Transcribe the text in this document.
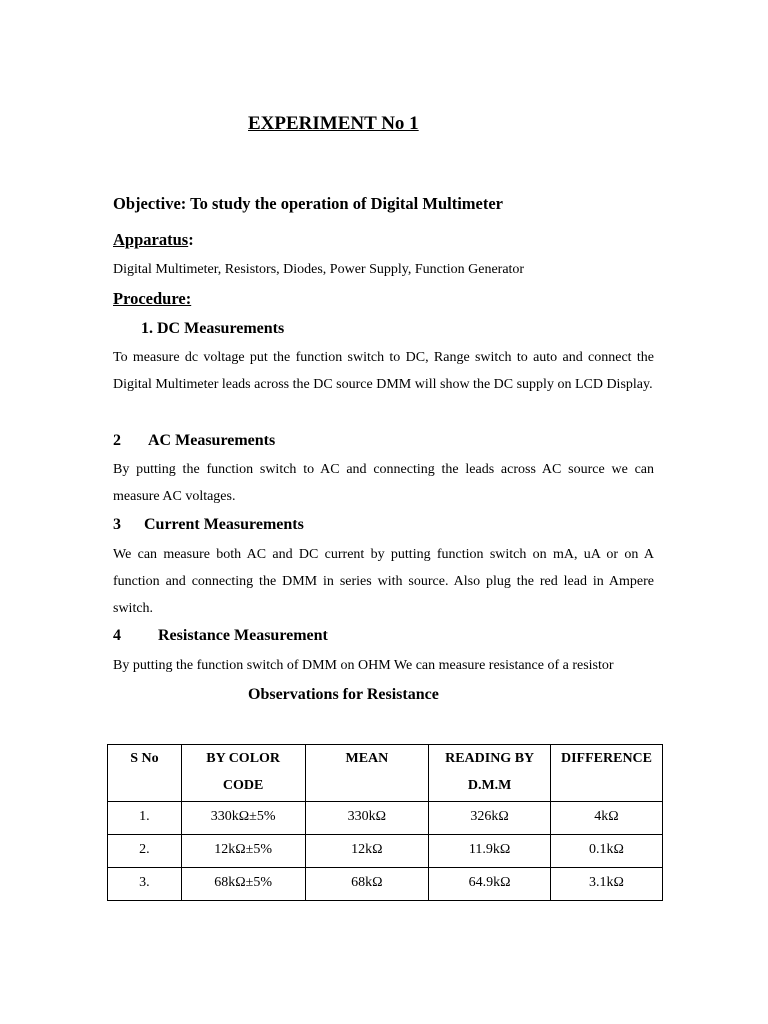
EXPERIMENT No 1
Objective: To study the operation of Digital Multimeter
Apparatus:
Digital Multimeter, Resistors, Diodes, Power Supply, Function Generator
Procedure:
1. DC Measurements
To measure dc voltage put the function switch to DC, Range switch to auto and connect the Digital Multimeter leads across the DC source DMM will show the DC supply on LCD Display.
2 AC Measurements
By putting the function switch to AC and connecting the leads across AC source we can measure AC voltages.
3 Current Measurements
We can measure both AC and DC current by putting function switch on mA, uA or on A function and connecting the DMM in series with source. Also plug the red lead in Ampere switch.
4 Resistance Measurement
By putting the function switch of DMM on OHM We can measure resistance of a resistor
Observations for Resistance
S No	BY COLOR CODE	MEAN	READING BY D.M.M	DIFFERENCE
1.	330kΩ±5%	330kΩ	326kΩ	4kΩ
2.	12kΩ±5%	12kΩ	11.9kΩ	0.1kΩ
3.	68kΩ±5%	68kΩ	64.9kΩ	3.1kΩ
